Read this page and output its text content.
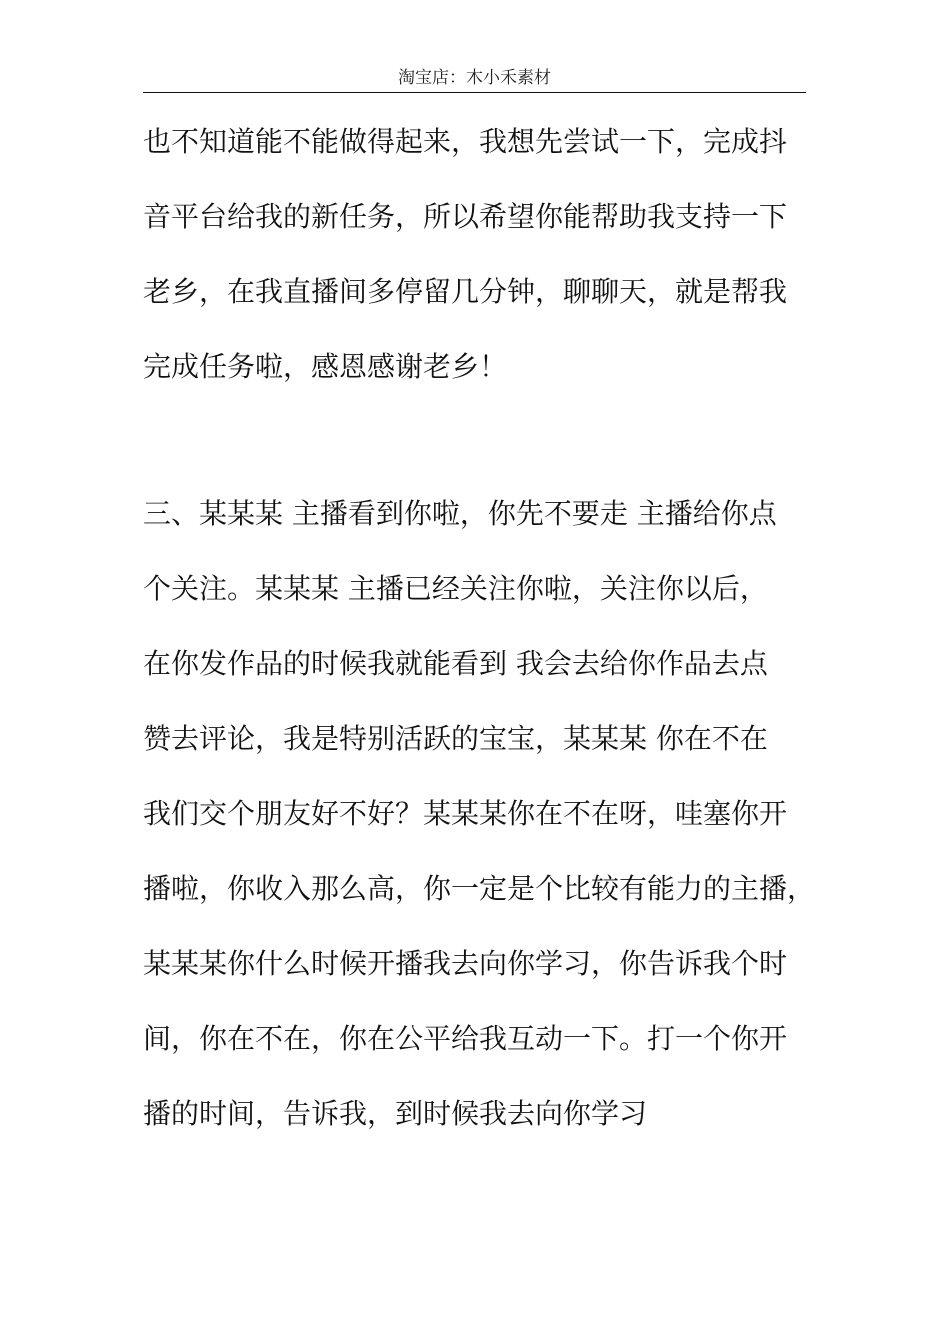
淘宝店：木小禾素材
也不知道能不能做得起来，我想先尝试一下，完成抖
音平台给我的新任务，所以希望你能帮助我支持一下
老乡，在我直播间多停留几分钟，聊聊天，就是帮我
完成任务啦，感恩感谢老乡！
三、某某某 主播看到你啦，你先不要走 主播给你点
个关注。某某某 主播已经关注你啦，关注你以后，
在你发作品的时候我就能看到 我会去给你作品去点
赞去评论，我是特别活跃的宝宝，某某某 你在不在
我们交个朋友好不好？某某某你在不在呀，哇塞你开
播啦，你收入那么高，你一定是个比较有能力的主播，
某某某你什么时候开播我去向你学习，你告诉我个时
间，你在不在，你在公平给我互动一下。打一个你开
播的时间，告诉我，到时候我去向你学习
